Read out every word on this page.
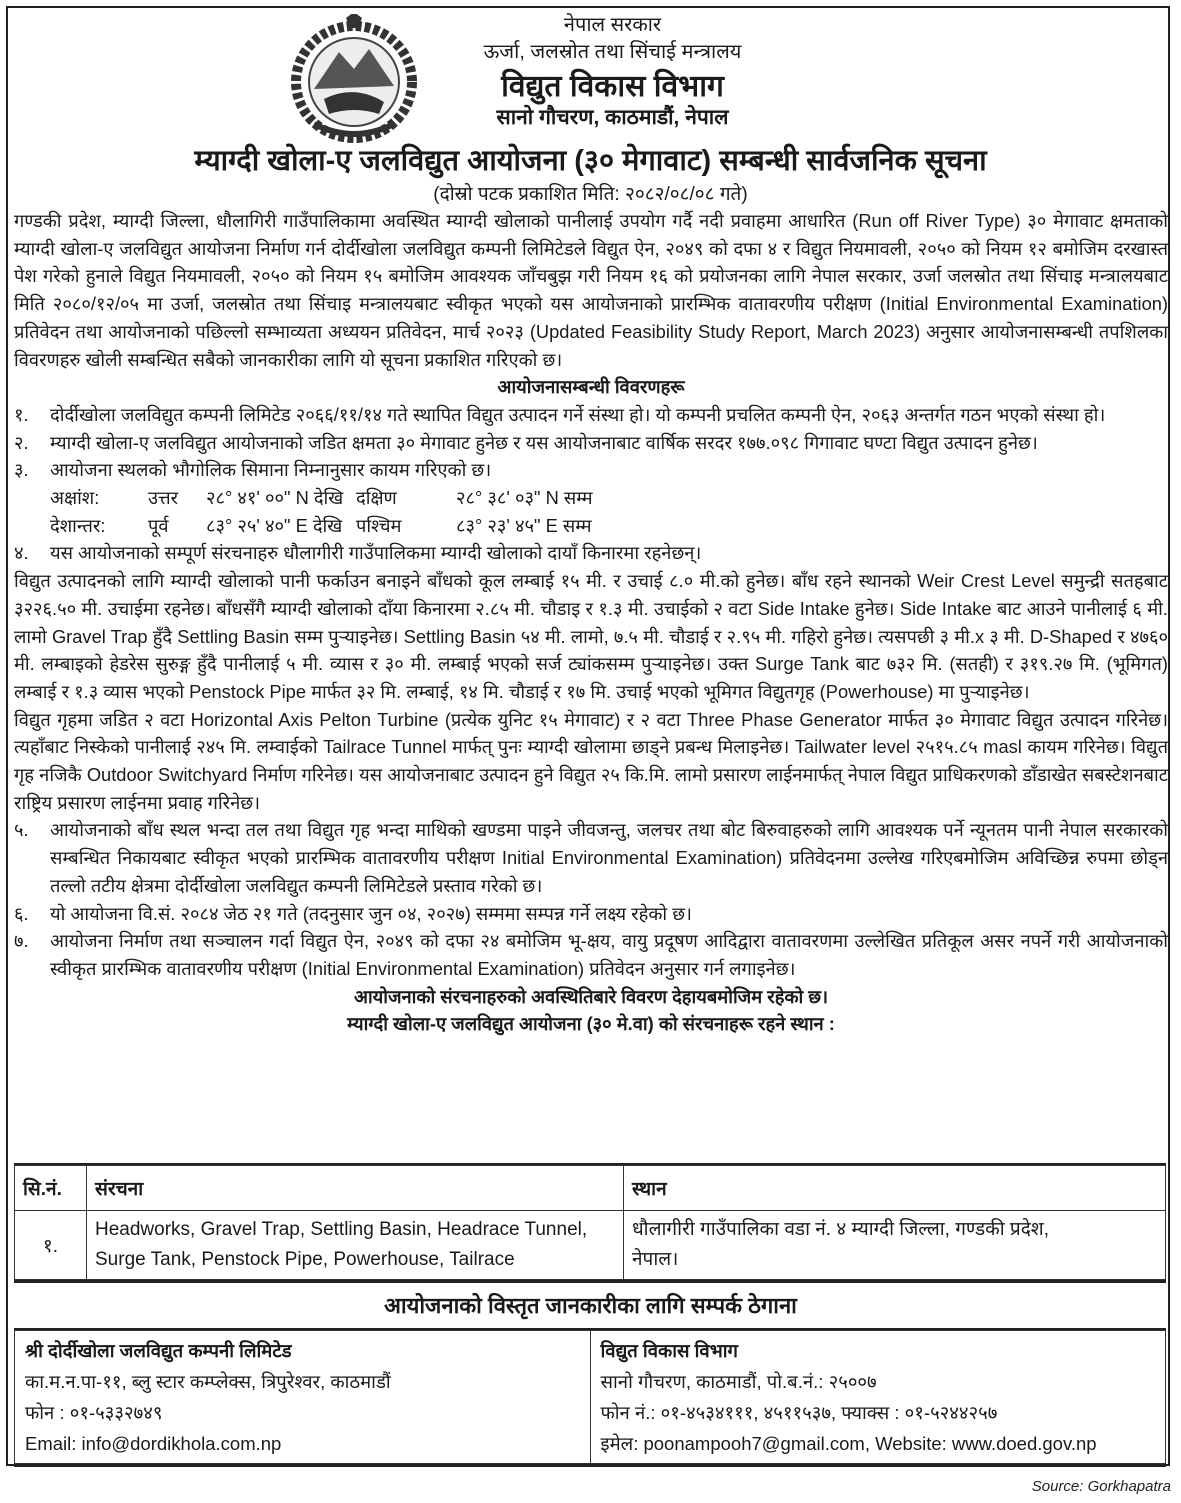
नेपाल सरकार
ऊर्जा, जलस्रोत तथा सिंचाई मन्त्रालय
विद्युत विकास विभाग
सानो गौचरण, काठमाडौं, नेपाल
म्याग्दी खोला-ए जलविद्युत आयोजना (३० मेगावाट) सम्बन्धी सार्वजनिक सूचना
(दोस्रो पटक प्रकाशित मिति: २०८२/०८/०८ गते)

गण्डकी प्रदेश, म्याग्दी जिल्ला, धौलागिरी गाउँपालिकामा अवस्थित म्याग्दी खोलाको पानीलाई उपयोग गर्दै नदी प्रवाहमा आधारित (Run off River Type) ३० मेगावाट क्षमताको म्याग्दी खोला-ए जलविद्युत आयोजना निर्माण गर्न दोर्दीखोला जलविद्युत कम्पनी लिमिटेडले विद्युत ऐन, २०४९ को दफा ४ र विद्युत नियमावली, २०५० को नियम १२ बमोजिम दरखास्त पेश गरेको हुनाले विद्युत नियमावली, २०५० को नियम १५ बमोजिम आवश्यक जाँचबुझ गरी नियम १६ को प्रयोजनका लागि नेपाल सरकार, उर्जा जलस्रोत तथा सिंचाइ मन्त्रालयबाट मिति २०८०/१२/०५ मा उर्जा, जलस्रोत तथा सिंचाइ मन्त्रालयबाट स्वीकृत भएको यस आयोजनाको प्रारम्भिक वातावरणीय परीक्षण (Initial Environmental Examination) प्रतिवेदन तथा आयोजनाको पछिल्लो सम्भाव्यता अध्ययन प्रतिवेदन, मार्च २०२३ (Updated Feasibility Study Report, March 2023) अनुसार आयोजनासम्बन्धी तपशिलका विवरणहरु खोली सम्बन्धित सबैको जानकारीका लागि यो सूचना प्रकाशित गरिएको छ।

आयोजनासम्बन्धी विवरणहरू

१.	दोर्दीखोला जलविद्युत कम्पनी लिमिटेड २०६६/११/१४ गते स्थापित विद्युत उत्पादन गर्ने संस्था हो। यो कम्पनी प्रचलित कम्पनी ऐन, २०६३ अन्तर्गत गठन भएको संस्था हो।
२.	म्याग्दी खोला-ए जलविद्युत आयोजनाको जडित क्षमता ३० मेगावाट हुनेछ र यस आयोजनाबाट वार्षिक सरदर १७७.०९८ गिगावाट घण्टा विद्युत उत्पादन हुनेछ।
३.	आयोजना स्थलको भौगोलिक सिमाना निम्नानुसार कायम गरिएको छ।
अक्षांश:	उत्तर २८° ४१' ००" N देखि दक्षिण	२८° ३८' ०३" N सम्म
देशान्तर: पूर्व ८३° २५' ४०" E देखि पश्चिम	८३° २३' ४५" E सम्म
४.	यस आयोजनाको सम्पूर्ण संरचनाहरु धौलागीरी गाउँपालिकमा म्याग्दी खोलाको दायाँ किनारमा रहनेछन्।

विद्युत उत्पादनको लागि म्याग्दी खोलाको पानी फर्काउन बनाइने बाँधको कूल लम्बाई १५ मी. र उचाई ८.० मी.को हुनेछ। बाँध रहने स्थानको Weir Crest Level समुन्द्री सतहबाट ३२२६.५० मी. उचाईमा रहनेछ। बाँधसँगै म्याग्दी खोलाको दाँया किनारमा २.८५ मी. चौडाइ र १.३ मी. उचाईको २ वटा Side Intake हुनेछ। Side Intake बाट आउने पानीलाई ६ मी. लामो Gravel Trap हुँदै Settling Basin सम्म पुर्‍याइनेछ। Settling Basin ५४ मी. लामो, ७.५ मी. चौडाई र २.९५ मी. गहिरो हुनेछ। त्यसपछी ३ मी.x ३ मी. D-Shaped र ४७६० मी. लम्बाइको हेडरेस सुरुङ्ग हुँदै पानीलाई ५ मी. व्यास र ३० मी. लम्बाई भएको सर्ज ट्यांकसम्म पुर्‍याइनेछ। उक्त Surge Tank बाट ७३२ मि. (सतही) र ३१९.२७ मि. (भूमिगत) लम्बाई र १.३ व्यास भएको Penstock Pipe मार्फत ३२ मि. लम्बाई, १४ मि. चौडाई र १७ मि. उचाई भएको भूमिगत विद्युतगृह (Powerhouse) मा पुर्‍याइनेछ।

विद्युत गृहमा जडित २ वटा Horizontal Axis Pelton Turbine (प्रत्येक युनिट १५ मेगावाट) र २ वटा Three Phase Generator मार्फत ३० मेगावाट विद्युत उत्पादन गरिनेछ। त्यहाँबाट निस्केको पानीलाई २४५ मि. लम्वाईको Tailrace Tunnel मार्फत् पुनः म्याग्दी खोलामा छाड्ने प्रबन्ध मिलाइनेछ। Tailwater level २५१५.८५ masl कायम गरिनेछ। विद्युत गृह नजिकै Outdoor Switchyard निर्माण गरिनेछ। यस आयोजनाबाट उत्पादन हुने विद्युत २५ कि.मि. लामो प्रसारण लाईनमार्फत् नेपाल विद्युत प्राधिकरणको डाँडाखेत सबस्टेशनबाट राष्ट्रिय प्रसारण लाईनमा प्रवाह गरिनेछ।

५.	आयोजनाको बाँध स्थल भन्दा तल तथा विद्युत गृह भन्दा माथिको खण्डमा पाइने जीवजन्तु, जलचर तथा बोट बिरुवाहरुको लागि आवश्यक पर्ने न्यूनतम पानी नेपाल सरकारको सम्बन्धित निकायबाट स्वीकृत भएको प्रारम्भिक वातावरणीय परीक्षण Initial Environmental Examination) प्रतिवेदनमा उल्लेख गरिएबमोजिम अविच्छिन्न रुपमा छोड्न तल्लो तटीय क्षेत्रमा दोर्दीखोला जलविद्युत कम्पनी लिमिटेडले प्रस्ताव गरेको छ।
६.	यो आयोजना वि.सं. २०८४ जेठ २१ गते (तदनुसार जुन ०४, २०२७) सम्ममा सम्पन्न गर्ने लक्ष्य रहेको छ।
७.	आयोजना निर्माण तथा सञ्चालन गर्दा विद्युत ऐन, २०४९ को दफा २४ बमोजिम भू-क्षय, वायु प्रदूषण आदिद्वारा वातावरणमा उल्लेखित प्रतिकूल असर नपर्ने गरी आयोजनाको स्वीकृत प्रारम्भिक वातावरणीय परीक्षण (Initial Environmental Examination) प्रतिवेदन अनुसार गर्न लगाइनेछ।

आयोजनाको संरचनाहरुको अवस्थितिबारे विवरण देहायबमोजिम रहेको छ।

म्याग्दी खोला-ए जलविद्युत आयोजना (३० मे.वा) को संरचनाहरू रहने स्थान :

सि.नं.	संरचना	स्थान
१.	Headworks, Gravel Trap, Settling Basin, Headrace Tunnel, Surge Tank, Penstock Pipe, Powerhouse, Tailrace	धौलागीरी गाउँपालिका वडा नं. ४ म्याग्दी जिल्ला, गण्डकी प्रदेश, नेपाल।
आयोजनाको विस्तृत जानकारीका लागि सम्पर्क ठेगाना
श्री दोर्दीखोला जलविद्युत कम्पनी लिमिटेड
का.म.न.पा-११, ब्लु स्टार कम्प्लेक्स, त्रिपुरेश्वर, काठमाडौं
फोन : ०१-५३३२७४९
Email: info@dordikhola.com.np

विद्युत विकास विभाग
सानो गौचरण, काठमाडौं, पो.ब.नं.: २५००७
फोन नं.: ०१-४५३४१११, ४५११५३७, फ्याक्स : ०१-५२४४२५७
इमेल: poonampooh7@gmail.com, Website: www.doed.gov.np
Source: Gorkhapatra
